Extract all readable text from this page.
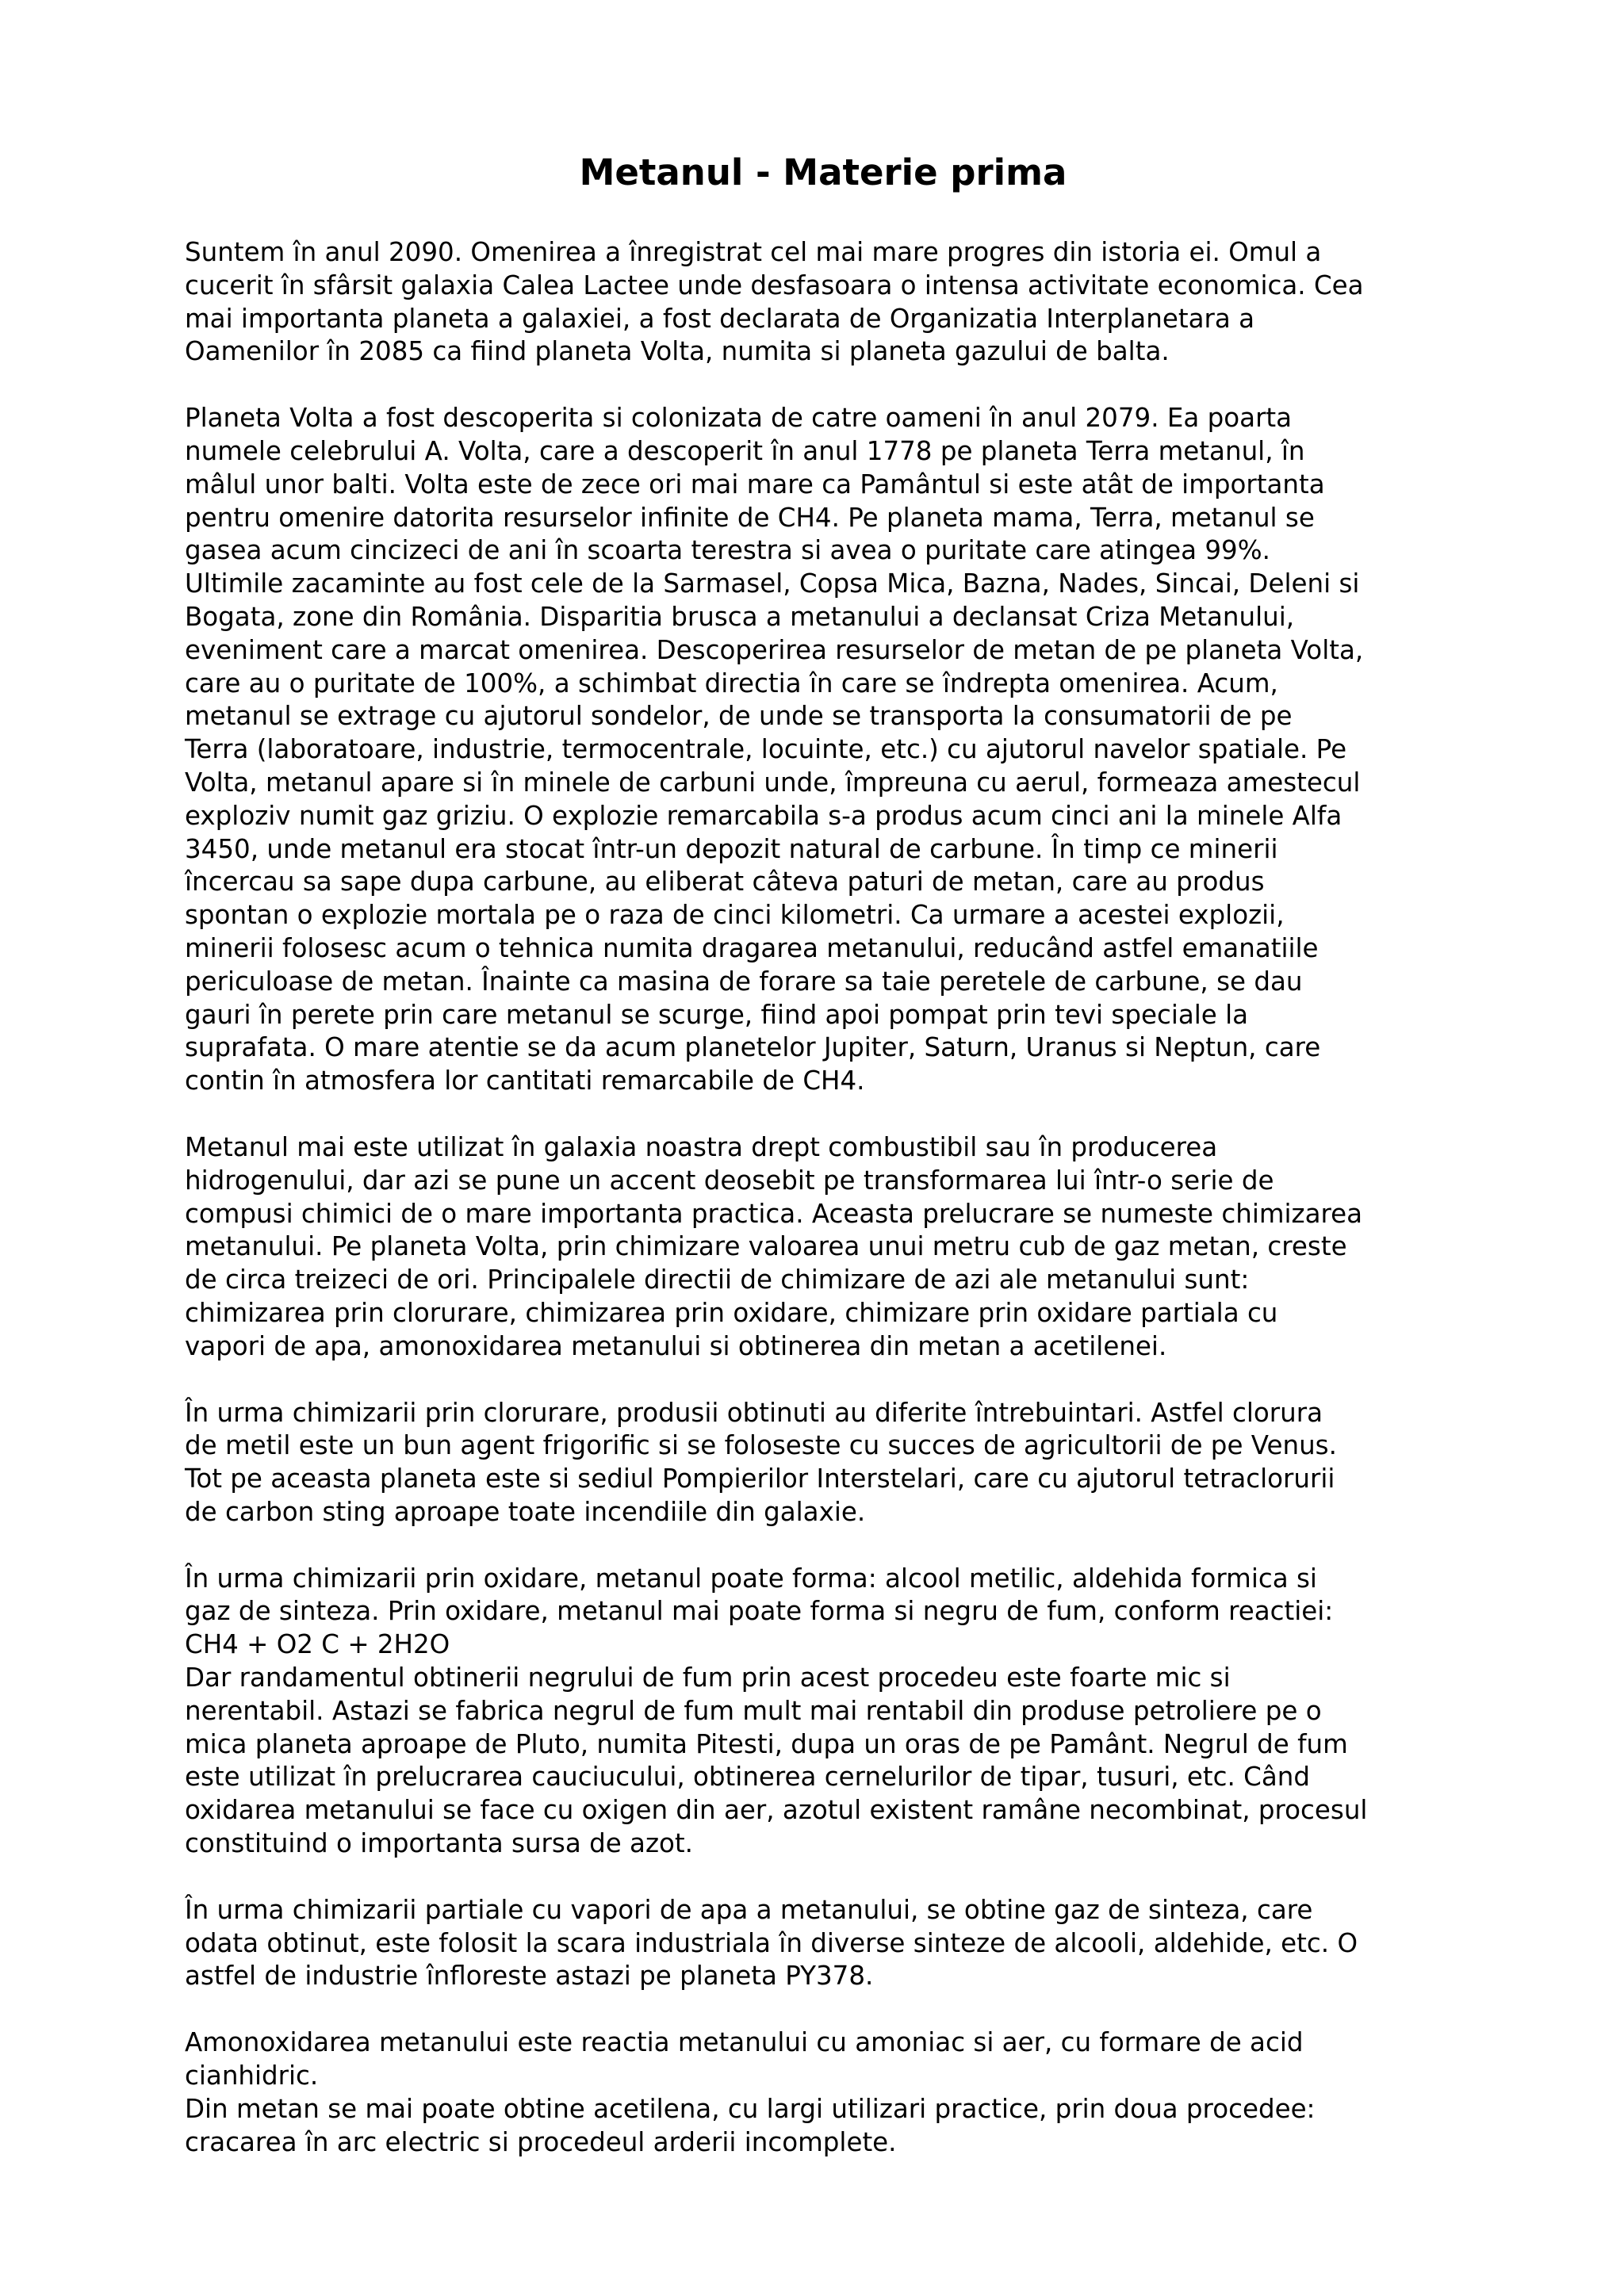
Metanul - Materie prima

Suntem în anul 2090. Omenirea a înregistrat cel mai mare progres din istoria ei. Omul a
cucerit în sfârsit galaxia Calea Lactee unde desfasoara o intensa activitate economica. Cea
mai importanta planeta a galaxiei, a fost declarata de Organizatia Interplanetara a
Oamenilor în 2085 ca fiind planeta Volta, numita si planeta gazului de balta.

Planeta Volta a fost descoperita si colonizata de catre oameni în anul 2079. Ea poarta
numele celebrului A. Volta, care a descoperit în anul 1778 pe planeta Terra metanul, în
mâlul unor balti. Volta este de zece ori mai mare ca Pamântul si este atât de importanta
pentru omenire datorita resurselor infinite de CH4. Pe planeta mama, Terra, metanul se
gasea acum cincizeci de ani în scoarta terestra si avea o puritate care atingea 99%.
Ultimile zacaminte au fost cele de la Sarmasel, Copsa Mica, Bazna, Nades, Sincai, Deleni si
Bogata, zone din România. Disparitia brusca a metanului a declansat Criza Metanului,
eveniment care a marcat omenirea. Descoperirea resurselor de metan de pe planeta Volta,
care au o puritate de 100%, a schimbat directia în care se îndrepta omenirea. Acum,
metanul se extrage cu ajutorul sondelor, de unde se transporta la consumatorii de pe
Terra (laboratoare, industrie, termocentrale, locuinte, etc.) cu ajutorul navelor spatiale. Pe
Volta, metanul apare si în minele de carbuni unde, împreuna cu aerul, formeaza amestecul
exploziv numit gaz griziu. O explozie remarcabila s-a produs acum cinci ani la minele Alfa
3450, unde metanul era stocat într-un depozit natural de carbune. În timp ce minerii
încercau sa sape dupa carbune, au eliberat câteva paturi de metan, care au produs
spontan o explozie mortala pe o raza de cinci kilometri. Ca urmare a acestei explozii,
minerii folosesc acum o tehnica numita dragarea metanului, reducând astfel emanatiile
periculoase de metan. Înainte ca masina de forare sa taie peretele de carbune, se dau
gauri în perete prin care metanul se scurge, fiind apoi pompat prin tevi speciale la
suprafata. O mare atentie se da acum planetelor Jupiter, Saturn, Uranus si Neptun, care
contin în atmosfera lor cantitati remarcabile de CH4.

Metanul mai este utilizat în galaxia noastra drept combustibil sau în producerea
hidrogenului, dar azi se pune un accent deosebit pe transformarea lui într-o serie de
compusi chimici de o mare importanta practica. Aceasta prelucrare se numeste chimizarea
metanului. Pe planeta Volta, prin chimizare valoarea unui metru cub de gaz metan, creste
de circa treizeci de ori. Principalele directii de chimizare de azi ale metanului sunt:
chimizarea prin clorurare, chimizarea prin oxidare, chimizare prin oxidare partiala cu
vapori de apa, amonoxidarea metanului si obtinerea din metan a acetilenei.

În urma chimizarii prin clorurare, produsii obtinuti au diferite întrebuintari. Astfel clorura
de metil este un bun agent frigorific si se foloseste cu succes de agricultorii de pe Venus.
Tot pe aceasta planeta este si sediul Pompierilor Interstelari, care cu ajutorul tetraclorurii
de carbon sting aproape toate incendiile din galaxie.

În urma chimizarii prin oxidare, metanul poate forma: alcool metilic, aldehida formica si
gaz de sinteza. Prin oxidare, metanul mai poate forma si negru de fum, conform reactiei:
CH4 + O2 C + 2H2O
Dar randamentul obtinerii negrului de fum prin acest procedeu este foarte mic si
nerentabil. Astazi se fabrica negrul de fum mult mai rentabil din produse petroliere pe o
mica planeta aproape de Pluto, numita Pitesti, dupa un oras de pe Pamânt. Negrul de fum
este utilizat în prelucrarea cauciucului, obtinerea cernelurilor de tipar, tusuri, etc. Când
oxidarea metanului se face cu oxigen din aer, azotul existent ramâne necombinat, procesul
constituind o importanta sursa de azot.

În urma chimizarii partiale cu vapori de apa a metanului, se obtine gaz de sinteza, care
odata obtinut, este folosit la scara industriala în diverse sinteze de alcooli, aldehide, etc. O
astfel de industrie înfloreste astazi pe planeta PY378.

Amonoxidarea metanului este reactia metanului cu amoniac si aer, cu formare de acid
cianhidric.
Din metan se mai poate obtine acetilena, cu largi utilizari practice, prin doua procedee:
cracarea în arc electric si procedeul arderii incomplete.
